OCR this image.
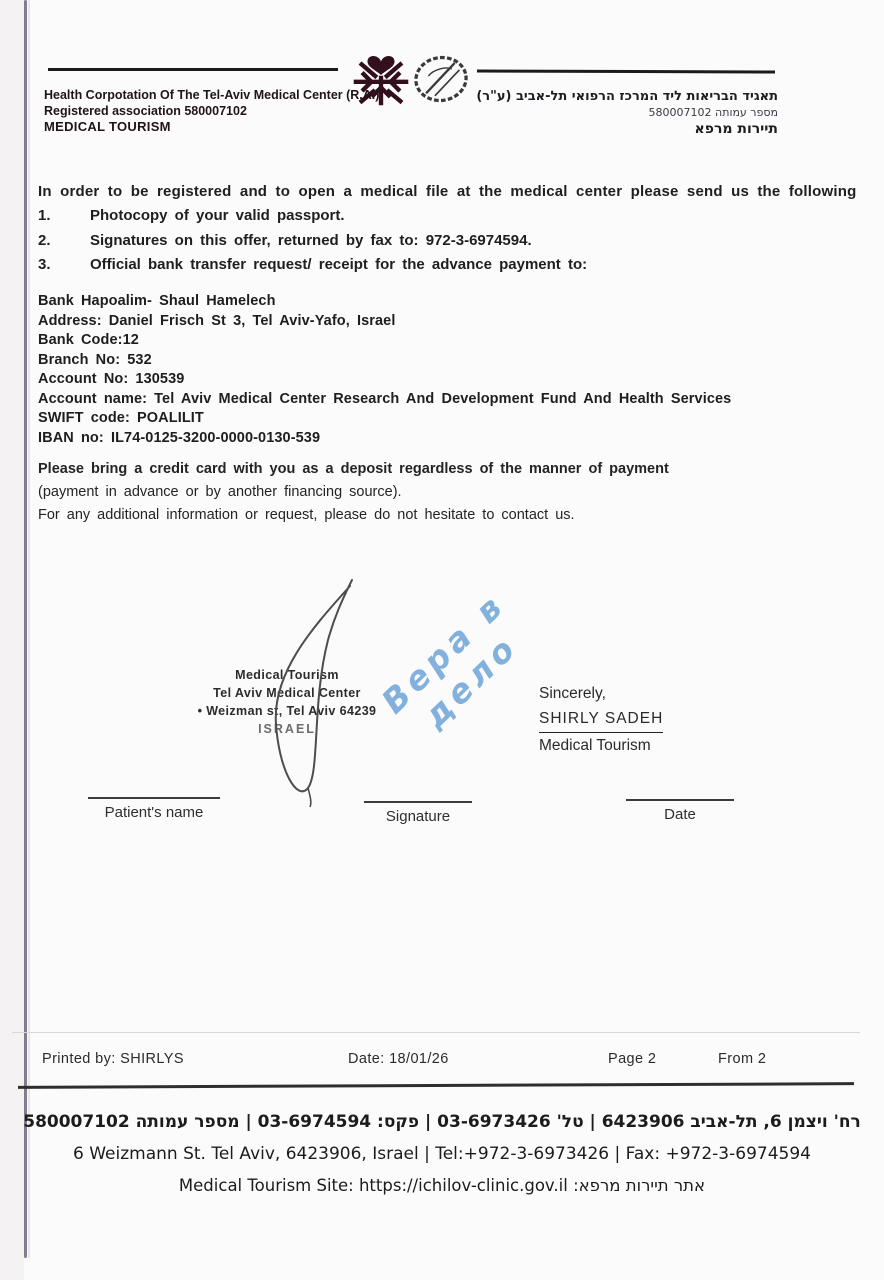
Health Corpotation Of The Tel-Aviv Medical Center (R.A.)
Registered association 580007102
MEDICAL TOURISM
תאגיד הבריאות ליד המרכז הרפואי תל-אביב (ע"ר)
מספר עמותה 580007102
תיירות מרפא
In order to be registered and to open a medical file at the medical center please send us the following
1.	Photocopy of your valid passport.
2.	Signatures on this offer, returned by fax to: 972-3-6974594.
3.	Official bank transfer request/ receipt for the advance payment to:
Bank Hapoalim- Shaul Hamelech
Address: Daniel Frisch St 3, Tel Aviv-Yafo, Israel
Bank Code:12
Branch No: 532
Account No: 130539
Account name: Tel Aviv Medical Center Research And Development Fund And Health Services
SWIFT code: POALILIT
IBAN no: IL74-0125-3200-0000-0130-539
Please bring a credit card with you as a deposit regardless of the manner of payment
(payment in advance or by another financing source).
For any additional information or request, please do not hesitate to contact us.
Medical Tourism
Tel Aviv Medical Center
• Weizman st, Tel Aviv 64239
ISRAEL
Вера в дело Sincerely,
SHIRLY SADEH
Medical Tourism
Patient's name	Signature	Date
Printed by: SHIRLYS	Date: 18/01/26	Page 2	From 2
רח' ויצמן 6, תל-אביב 6423906 | טל' 03-6973426 | פקס: 03-6974594 | מספר עמותה 580007102
6 Weizmann St. Tel Aviv, 6423906, Israel | Tel:+972-3-6973426 | Fax: +972-3-6974594
Medical Tourism Site: https://ichilov-clinic.gov.il :אתר תיירות מרפא
